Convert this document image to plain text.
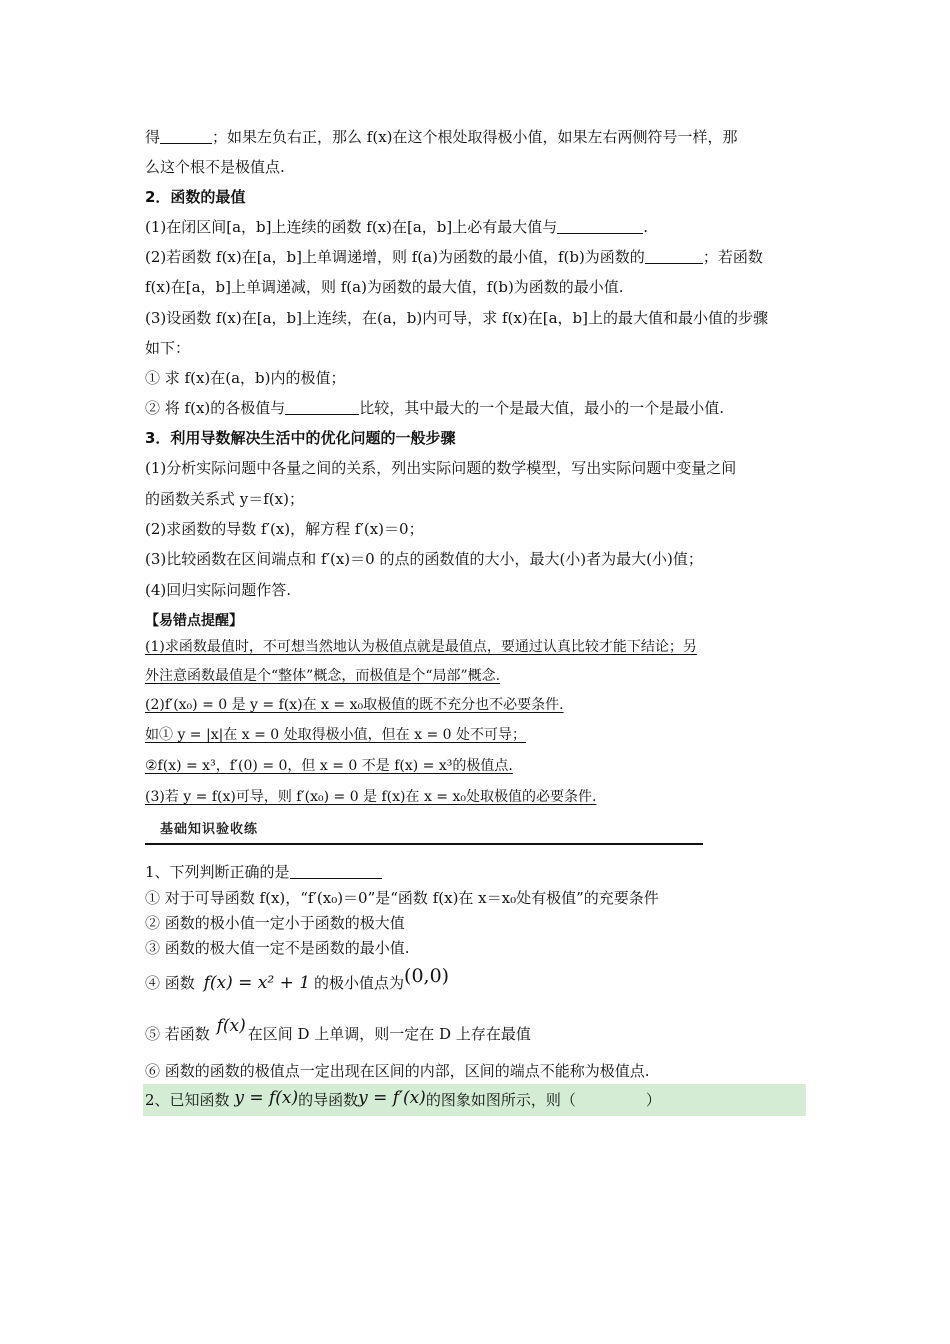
得	；如果左负右正，那么 f(x)在这个根处取得极小值，如果左右两侧符号一样，那
么这个根不是极值点.
2．函数的最值
(1)在闭区间[a，b]上连续的函数 f(x)在[a，b]上必有最大值与	.
(2)若函数 f(x)在[a，b]上单调递增，则 f(a)为函数的最小值，f(b)为函数的	；若函数
f(x)在[a，b]上单调递减，则 f(a)为函数的最大值，f(b)为函数的最小值.
(3)设函数 f(x)在[a，b]上连续，在(a，b)内可导，求 f(x)在[a，b]上的最大值和最小值的步骤
如下：
① 求 f(x)在(a，b)内的极值；
② 将 f(x)的各极值与	比较，其中最大的一个是最大值，最小的一个是最小值.
3．利用导数解决生活中的优化问题的一般步骤
(1)分析实际问题中各量之间的关系，列出实际问题的数学模型，写出实际问题中变量之间
的函数关系式 y＝f(x)；
(2)求函数的导数 f′(x)，解方程 f′(x)＝0；
(3)比较函数在区间端点和 f′(x)＝0 的点的函数值的大小，最大(小)者为最大(小)值；
(4)回归实际问题作答.
【易错点提醒】
(1)求函数最值时，不可想当然地认为极值点就是最值点，要通过认真比较才能下结论；另
外注意函数最值是个“整体”概念，而极值是个“局部”概念.
(2)f′(x₀) = 0 是 y = f(x)在 x = x₀取极值的既不充分也不必要条件.
如① y = |x|在 x = 0 处取得极小值，但在 x = 0 处不可导；
②f(x) = x³，f′(0) = 0，但 x = 0 不是 f(x) = x³的极值点.
(3)若 y = f(x)可导，则 f′(x₀) = 0 是 f(x)在 x = x₀处取极值的必要条件.
基础知识验收练
1、下列判断正确的是
① 对于可导函数 f(x)，“f′(x₀)＝0”是“函数 f(x)在 x＝x₀处有极值”的充要条件
② 函数的极小值一定小于函数的极大值
③ 函数的极大值一定不是函数的最小值.
④ 函数 f(x) = x² + 1 的极小值点为(0,0)
⑤ 若函数 f(x) 在区间 D 上单调，则一定在 D 上存在最值
⑥ 函数的函数的极值点一定出现在区间的内部，区间的端点不能称为极值点.
2、已知函数 y = f(x)的导函数y = f′(x)的图象如图所示，则（	）
